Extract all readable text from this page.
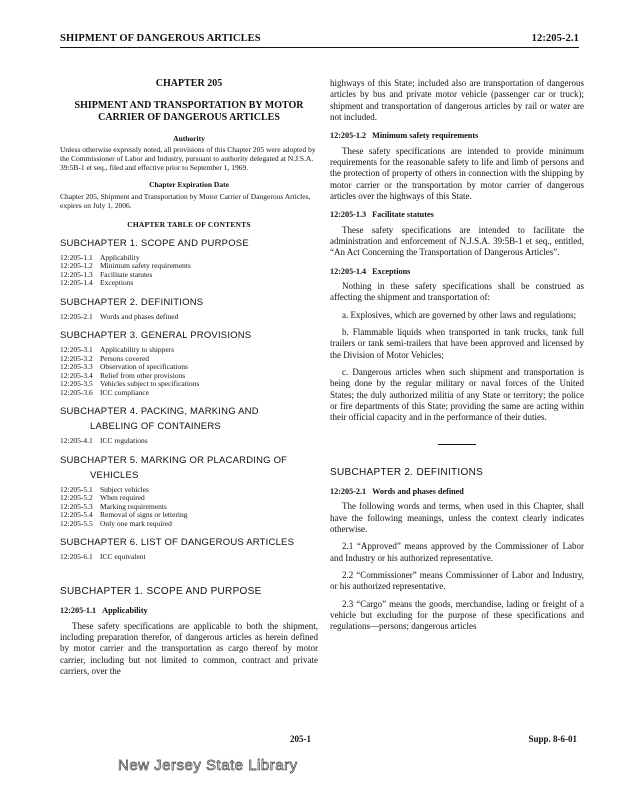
SHIPMENT OF DANGEROUS ARTICLES	12:205-2.1
CHAPTER 205
SHIPMENT AND TRANSPORTATION BY MOTOR CARRIER OF DANGEROUS ARTICLES
Authority
Unless otherwise expressly noted, all provisions of this Chapter 205 were adopted by the Commissioner of Labor and Industry, pursuant to authority delegated at N.J.S.A. 39:5B-1 et seq., filed and effective prior to September 1, 1969.
Chapter Expiration Date
Chapter 205, Shipment and Transportation by Motor Carrier of Dangerous Articles, expires on July 1, 2006.
CHAPTER TABLE OF CONTENTS
SUBCHAPTER 1. SCOPE AND PURPOSE
12:205-1.1 Applicability
12:205-1.2 Minimum safety requirements
12:205-1.3 Facilitate statutes
12:205-1.4 Exceptions
SUBCHAPTER 2. DEFINITIONS
12:205-2.1 Words and phases defined
SUBCHAPTER 3. GENERAL PROVISIONS
12:205-3.1 Applicability to shippers
12:205-3.2 Persons covered
12:205-3.3 Observation of specifications
12:205-3.4 Relief from other provisions
12:205-3.5 Vehicles subject to specifications
12:205-3.6 ICC compliance
SUBCHAPTER 4. PACKING, MARKING AND
LABELING OF CONTAINERS
12:205-4.1 ICC regulations
SUBCHAPTER 5. MARKING OR PLACARDING OF
VEHICLES
12:205-5.1 Subject vehicles
12:205-5.2 When required
12:205-5.3 Marking requirements
12:205-5.4 Removal of signs or lettering
12:205-5.5 Only one mark required
SUBCHAPTER 6. LIST OF DANGEROUS ARTICLES
12:205-6.1 ICC equivalent
SUBCHAPTER 1. SCOPE AND PURPOSE
12:205-1.1 Applicability

These safety specifications are applicable to both the shipment, including preparation therefor, of dangerous articles as herein defined by motor carrier and the transportation as cargo thereof by motor carrier, including but not limited to common, contract and private carriers, over the

highways of this State; included also are transportation of dangerous articles by bus and private motor vehicle (passenger car or truck); shipment and transportation of dangerous articles by rail or water are not included.

12:205-1.2 Minimum safety requirements

These safety specifications are intended to provide minimum requirements for the reasonable safety to life and limb of persons and the protection of property of others in connection with the shipping by motor carrier or the transportation by motor carrier of dangerous articles over the highways of this State.

12:205-1.3 Facilitate statutes

These safety specifications are intended to facilitate the administration and enforcement of N.J.S.A. 39:5B-1 et seq., entitled, “An Act Concerning the Transportation of Dangerous Articles”.

12:205-1.4 Exceptions

Nothing in these safety specifications shall be construed as affecting the shipment and transportation of:

a. Explosives, which are governed by other laws and regulations;

b. Flammable liquids when transported in tank trucks, tank full trailers or tank semi-trailers that have been approved and licensed by the Division of Motor Vehicles;

c. Dangerous articles when such shipment and transportation is being done by the regular military or naval forces of the United States; the duly authorized militia of any State or territory; the police or fire departments of this State; providing the same are acting within their official capacity and in the performance of their duties.

SUBCHAPTER 2. DEFINITIONS
12:205-2.1 Words and phases defined

The following words and terms, when used in this Chapter, shall have the following meanings, unless the context clearly indicates otherwise.

2.1 “Approved” means approved by the Commissioner of Labor and Industry or his authorized representative.

2.2 “Commissioner” means Commissioner of Labor and Industry, or his authorized representative.

2.3 “Cargo” means the goods, merchandise, lading or freight of a vehicle but excluding for the purpose of these specifications and regulations—persons; dangerous articles

205-1	Supp. 8-6-01
New Jersey State Library
